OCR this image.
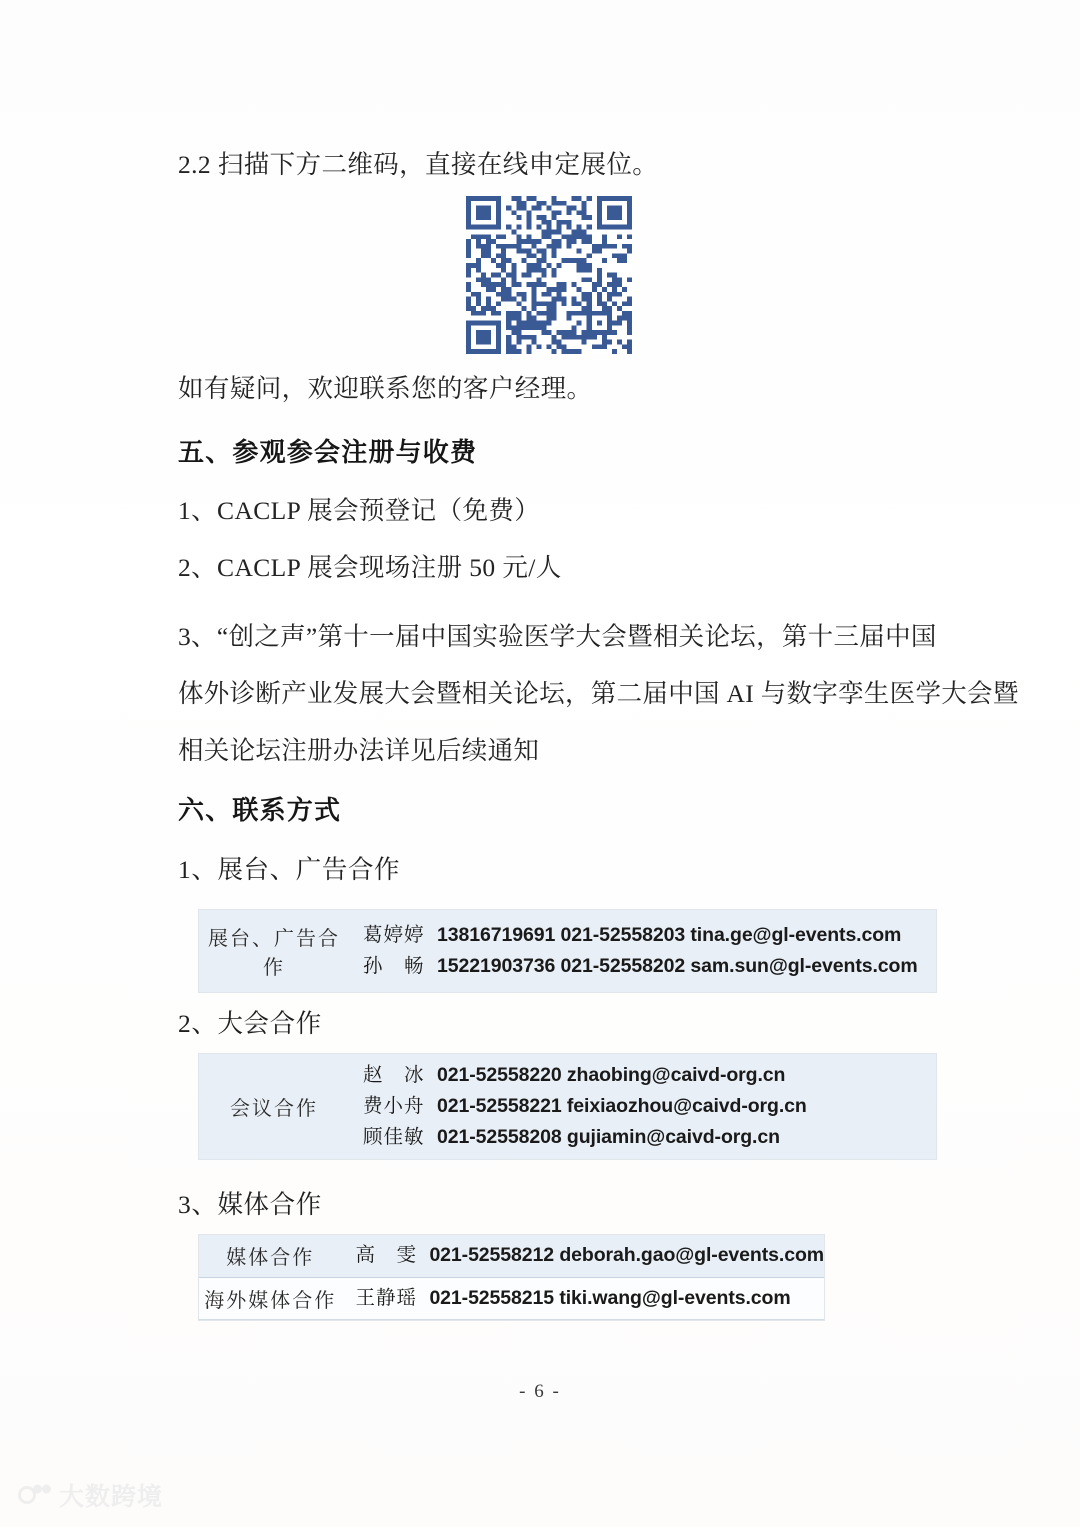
2.2 扫描下方二维码，直接在线申定展位。
如有疑问，欢迎联系您的客户经理。
五、参观参会注册与收费
1、CACLP 展会预登记（免费）
2、CACLP 展会现场注册 50 元/人
3、“创之声”第十一届中国实验医学大会暨相关论坛，第十三届中国
体外诊断产业发展大会暨相关论坛，第二届中国 AI 与数字孪生医学大会暨
相关论坛注册办法详见后续通知
六、联系方式
1、展台、广告合作
展台、广告合作	
葛婷婷 13816719691 021-52558203 tina.ge@gl-events.com
孙　畅 15221903736 021-52558202 sam.sun@gl-events.com
2、大会合作
会议合作	
赵　冰 021-52558220 zhaobing@caivd-org.cn
费小舟 021-52558221 feixiaozhou@caivd-org.cn
顾佳敏 021-52558208 gujiamin@caivd-org.cn
3、媒体合作
媒体合作	高　雯 021-52558212 deborah.gao@gl-events.com

海外媒体合作	王静瑶 021-52558215 tiki.wang@gl-events.com
- 6 -
大数跨境
